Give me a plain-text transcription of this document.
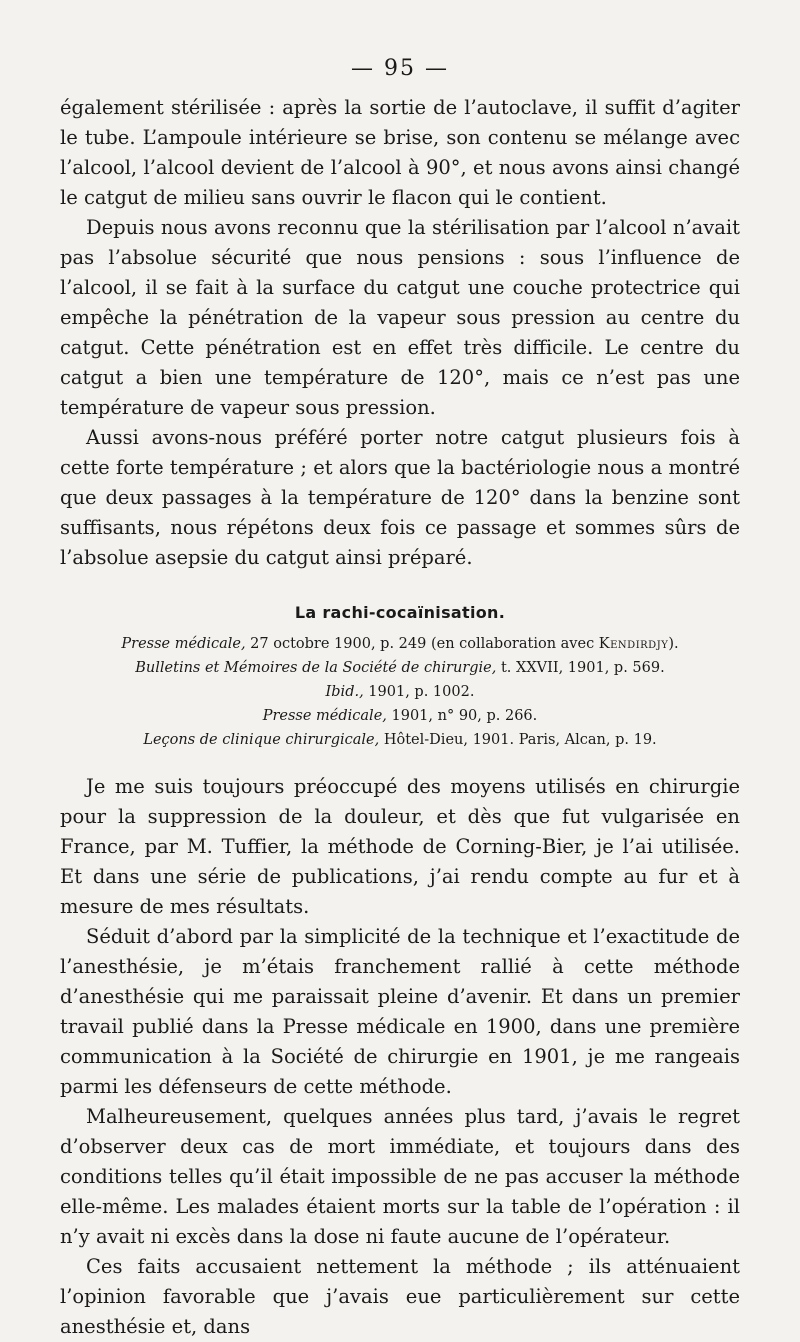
— 95 —

également stérilisée : après la sortie de l’autoclave, il suffit d’agiter le tube. L’ampoule intérieure se brise, son contenu se mélange avec l’alcool, l’alcool devient de l’alcool à 90°, et nous avons ainsi changé le catgut de milieu sans ouvrir le flacon qui le contient.

Depuis nous avons reconnu que la stérilisation par l’alcool n’avait pas l’absolue sécurité que nous pensions : sous l’influence de l’alcool, il se fait à la surface du catgut une couche protectrice qui empêche la pénétration de la vapeur sous pression au centre du catgut. Cette pénétration est en effet très difficile. Le centre du catgut a bien une température de 120°, mais ce n’est pas une température de vapeur sous pression.

Aussi avons-nous préféré porter notre catgut plusieurs fois à cette forte température ; et alors que la bactériologie nous a montré que deux passages à la température de 120° dans la benzine sont suffisants, nous répétons deux fois ce passage et sommes sûrs de l’absolue asepsie du catgut ainsi préparé.

La rachi-cocaïnisation.
Presse médicale, 27 octobre 1900, p. 249 (en collaboration avec Kendirdjy).
Bulletins et Mémoires de la Société de chirurgie, t. XXVII, 1901, p. 569.
Ibid., 1901, p. 1002.
Presse médicale, 1901, n° 90, p. 266.
Leçons de clinique chirurgicale, Hôtel-Dieu, 1901. Paris, Alcan, p. 19.

Je me suis toujours préoccupé des moyens utilisés en chirurgie pour la suppression de la douleur, et dès que fut vulgarisée en France, par M. Tuffier, la méthode de Corning-Bier, je l’ai utilisée. Et dans une série de publications, j’ai rendu compte au fur et à mesure de mes résultats.

Séduit d’abord par la simplicité de la technique et l’exactitude de l’anesthésie, je m’étais franchement rallié à cette méthode d’anesthésie qui me paraissait pleine d’avenir. Et dans un premier travail publié dans la Presse médicale en 1900, dans une première communication à la Société de chirurgie en 1901, je me rangeais parmi les défenseurs de cette méthode.

Malheureusement, quelques années plus tard, j’avais le regret d’observer deux cas de mort immédiate, et toujours dans des conditions telles qu’il était impossible de ne pas accuser la méthode elle-même. Les malades étaient morts sur la table de l’opération : il n’y avait ni excès dans la dose ni faute aucune de l’opérateur.

Ces faits accusaient nettement la méthode ; ils atténuaient l’opinion favorable que j’avais eue particulièrement sur cette anesthésie et, dans
